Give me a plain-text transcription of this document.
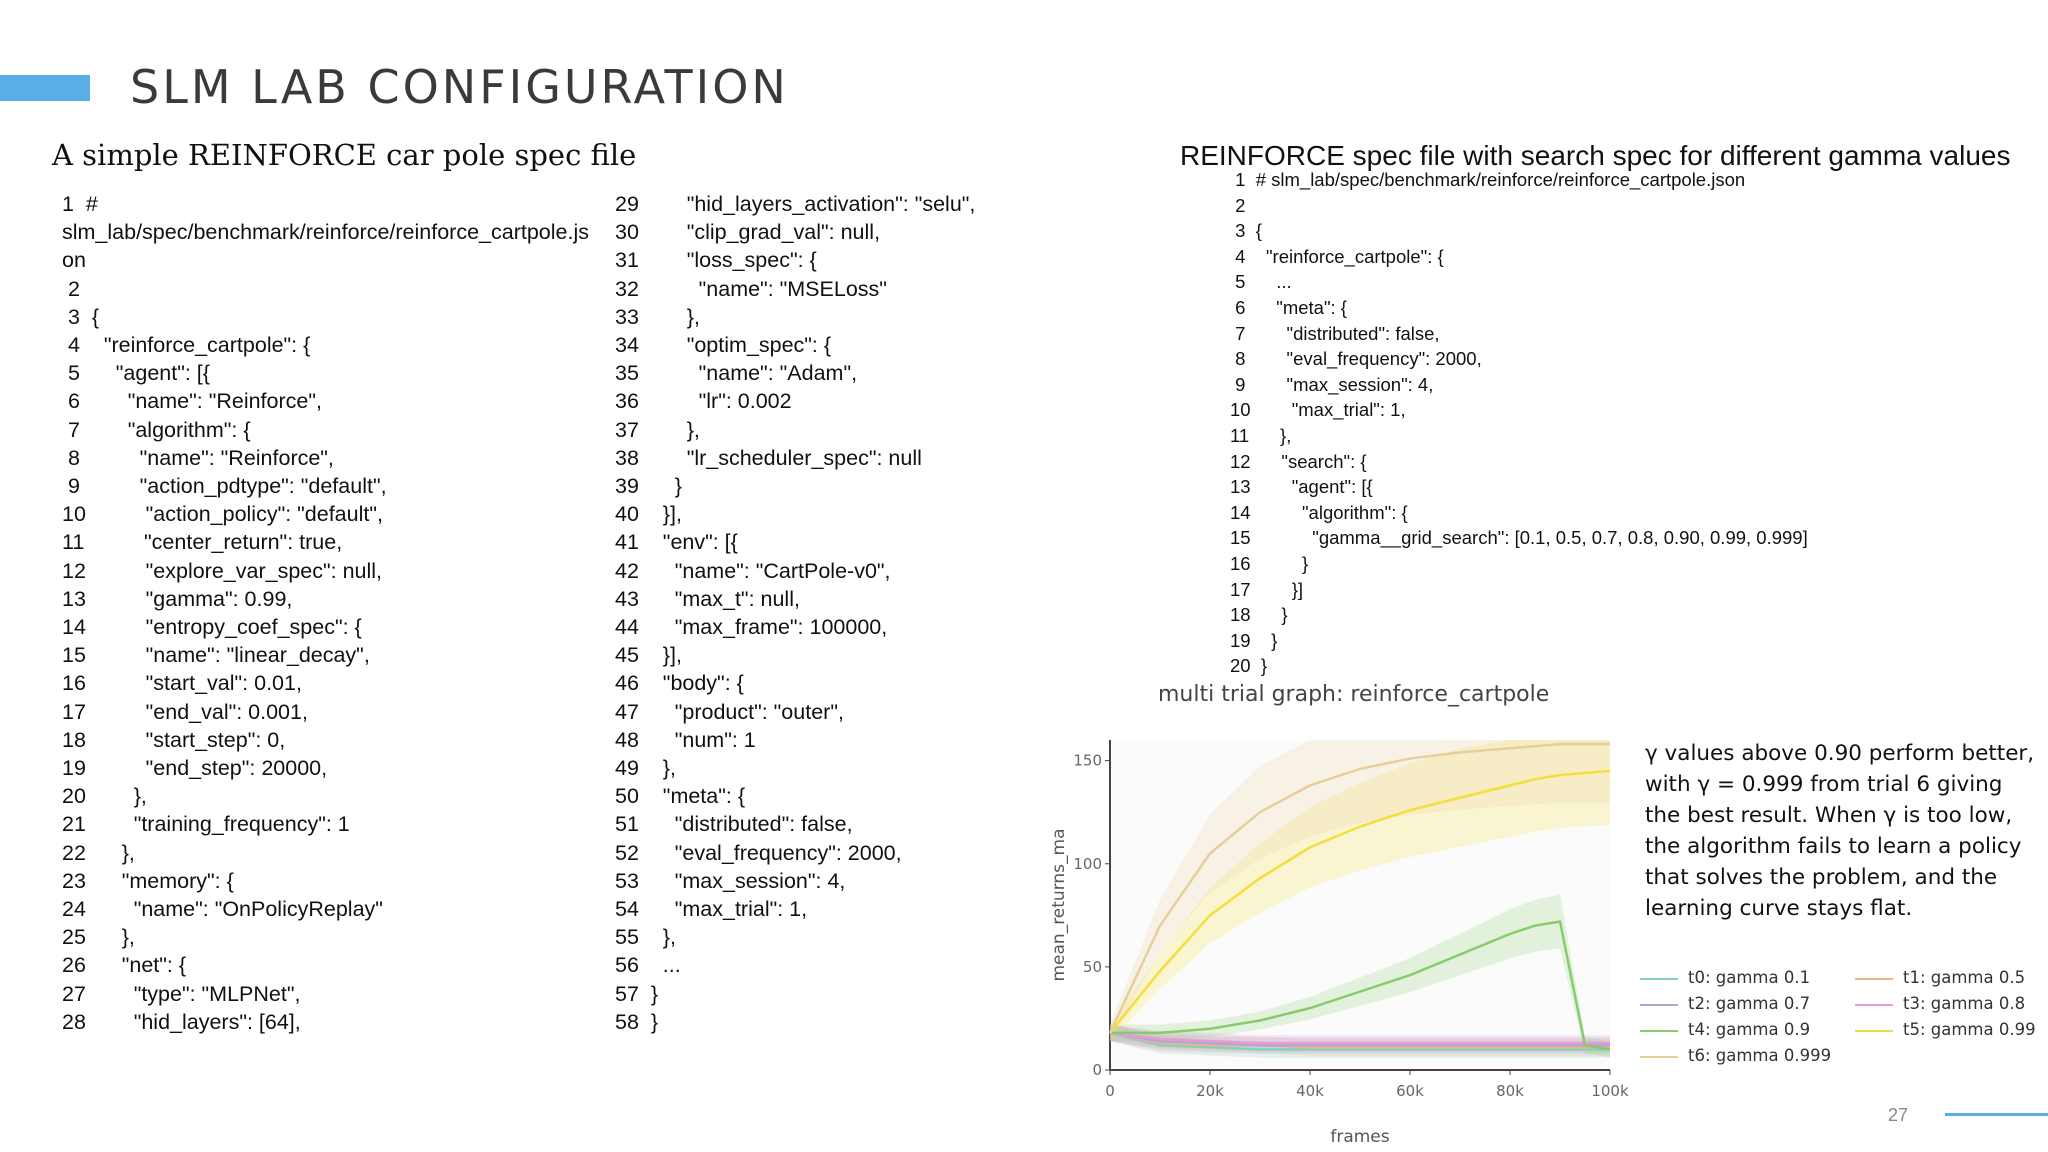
SLM LAB CONFIGURATION
A simple REINFORCE car pole spec file	REINFORCE spec file with search spec for different gamma values
1  #
slm_lab/spec/benchmark/reinforce/reinforce_cartpole.js
on
2
3  {
4    "reinforce_cartpole": {
5      "agent": [{
6        "name": "Reinforce",
7        "algorithm": {
8          "name": "Reinforce",
9          "action_pdtype": "default",
10          "action_policy": "default",
11          "center_return": true,
12          "explore_var_spec": null,
13          "gamma": 0.99,
14          "entropy_coef_spec": {
15          "name": "linear_decay",
16          "start_val": 0.01,
17          "end_val": 0.001,
18          "start_step": 0,
19          "end_step": 20000,
20        },
21        "training_frequency": 1
22      },
23      "memory": {
24        "name": "OnPolicyReplay"
25      },
26      "net": {
27        "type": "MLPNet",
28        "hid_layers": [64],
29        "hid_layers_activation": "selu",
30        "clip_grad_val": null,
31        "loss_spec": {
32          "name": "MSELoss"
33        },
34        "optim_spec": {
35          "name": "Adam",
36          "lr": 0.002
37        },
38        "lr_scheduler_spec": null
39      }
40    }],
41    "env": [{
42      "name": "CartPole-v0",
43      "max_t": null,
44      "max_frame": 100000,
45    }],
46    "body": {
47      "product": "outer",
48      "num": 1
49    },
50    "meta": {
51      "distributed": false,
52      "eval_frequency": 2000,
53      "max_session": 4,
54      "max_trial": 1,
55    },
56    ...
57  }
58  }
1  # slm_lab/spec/benchmark/reinforce/reinforce_cartpole.json
2
3  {
4    "reinforce_cartpole": {
5      ...
6      "meta": {
7        "distributed": false,
8        "eval_frequency": 2000,
9        "max_session": 4,
10        "max_trial": 1,
11      },
12      "search": {
13        "agent": [{
14          "algorithm": {
15            "gamma__grid_search": [0.1, 0.5, 0.7, 0.8, 0.90, 0.99, 0.999]
16          }
17        }]
18      }
19    }
20  }
multi trial graph: reinforce_cartpole
0
50
100
150
0	20k	40k	60k	80k	100k
frames
mean_returns_ma
γ values above 0.90 perform better, with γ = 0.999 from trial 6 giving the best result. When γ is too low, the algorithm fails to learn a policy that solves the problem, and the learning curve stays flat.
t0: gamma 0.1	t1: gamma 0.5
t2: gamma 0.7	t3: gamma 0.8
t4: gamma 0.9	t5: gamma 0.99
t6: gamma 0.999
27
